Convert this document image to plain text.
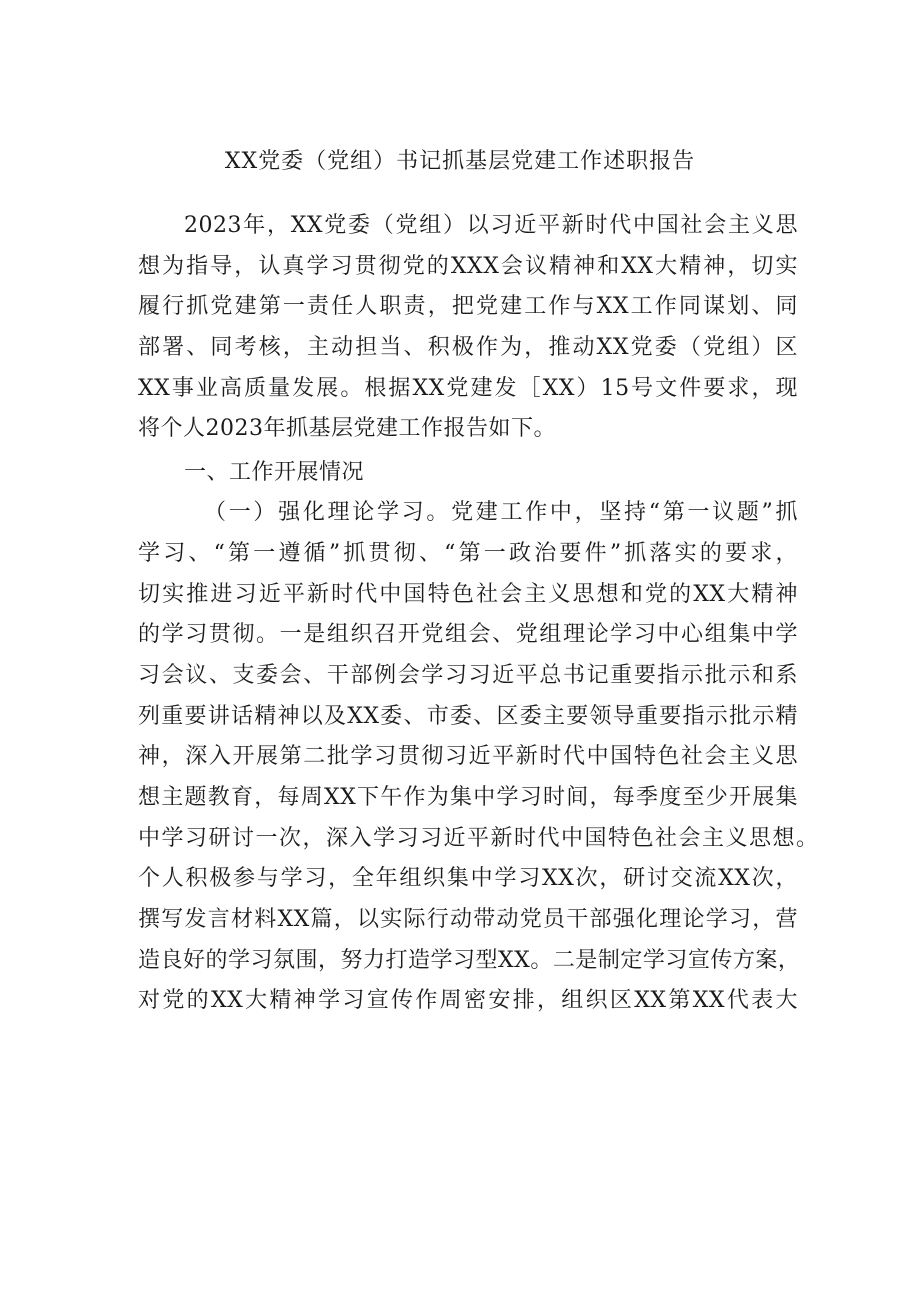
XX党委（党组）书记抓基层党建工作述职报告
2023年，XX党委（党组）以习近平新时代中国社会主义思
想为指导，认真学习贯彻党的XXX会议精神和XX大精神，切实
履行抓党建第一责任人职责，把党建工作与XX工作同谋划、同
部署、同考核，主动担当、积极作为，推动XX党委（党组）区
XX事业高质量发展。根据XX党建发［XX）15号文件要求，现
将个人2023年抓基层党建工作报告如下。
一、工作开展情况
（一）强化理论学习。党建工作中，坚持“第一议题”抓
学习、“第一遵循”抓贯彻、“第一政治要件”抓落实的要求，
切实推进习近平新时代中国特色社会主义思想和党的XX大精神
的学习贯彻。一是组织召开党组会、党组理论学习中心组集中学
习会议、支委会、干部例会学习习近平总书记重要指示批示和系
列重要讲话精神以及XX委、市委、区委主要领导重要指示批示精
神，深入开展第二批学习贯彻习近平新时代中国特色社会主义思
想主题教育，每周XX下午作为集中学习时间，每季度至少开展集
中学习研讨一次，深入学习习近平新时代中国特色社会主义思想。
个人积极参与学习，全年组织集中学习XX次，研讨交流XX次，
撰写发言材料XX篇，以实际行动带动党员干部强化理论学习，营
造良好的学习氛围，努力打造学习型XX。二是制定学习宣传方案，
对党的XX大精神学习宣传作周密安排，组织区XX第XX代表大
